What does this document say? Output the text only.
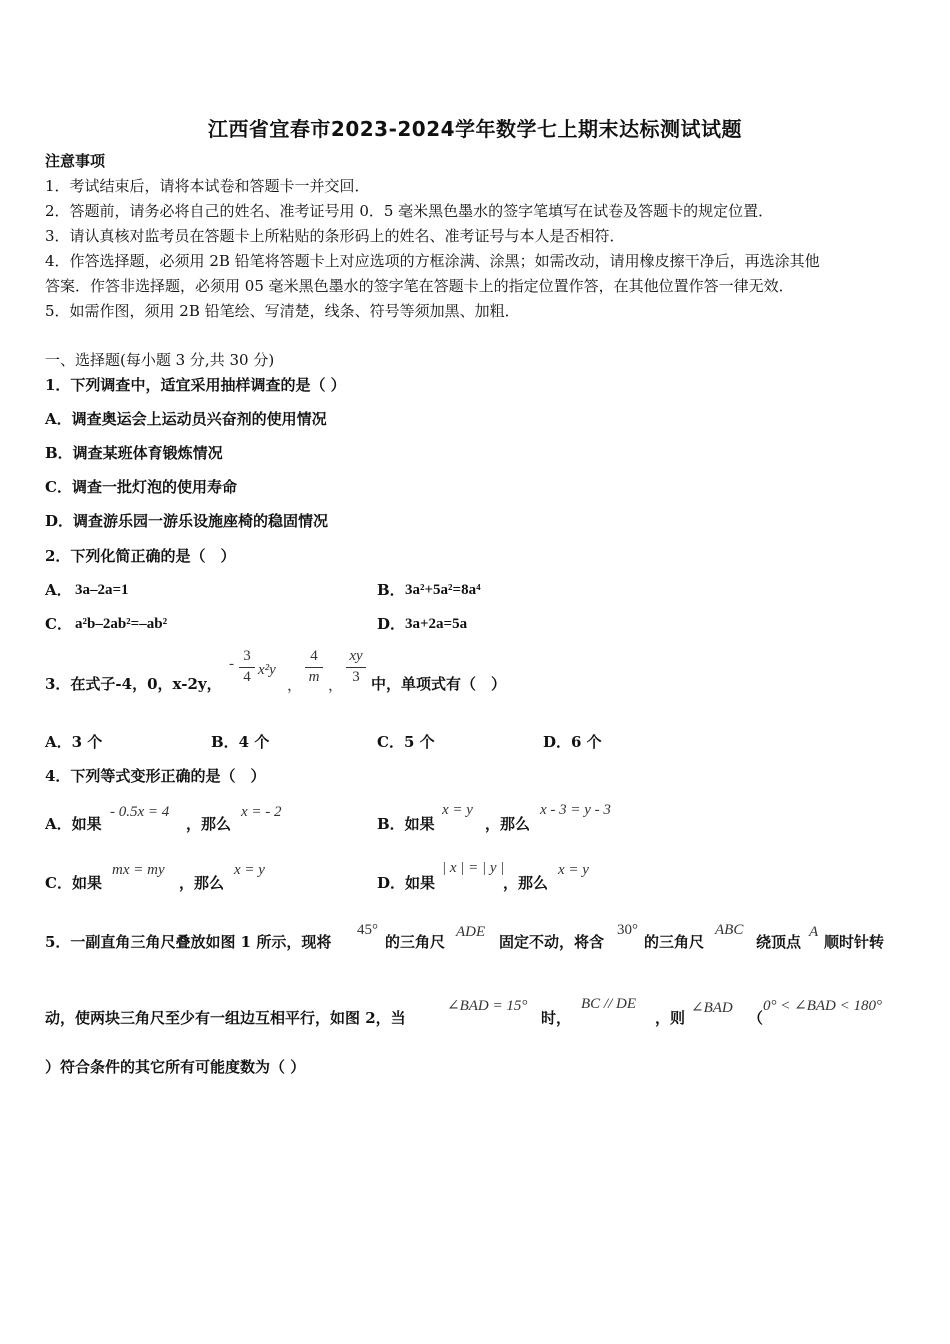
江西省宜春市2023-2024学年数学七上期末达标测试试题
注意事项
1．考试结束后，请将本试卷和答题卡一并交回．
2．答题前，请务必将自己的姓名、准考证号用 0．5 毫米黑色墨水的签字笔填写在试卷及答题卡的规定位置．
3．请认真核对监考员在答题卡上所粘贴的条形码上的姓名、准考证号与本人是否相符．
4．作答选择题，必须用 2B 铅笔将答题卡上对应选项的方框涂满、涂黑；如需改动，请用橡皮擦干净后，再选涂其他
答案．作答非选择题，必须用 05 毫米黑色墨水的签字笔在答题卡上的指定位置作答，在其他位置作答一律无效．
5．如需作图，须用 2B 铅笔绘、写清楚，线条、符号等须加黑、加粗．
一、选择题(每小题 3 分,共 30 分)
1．下列调查中，适宜采用抽样调查的是（ ）
A．调查奥运会上运动员兴奋剂的使用情况
B．调查某班体育锻炼情况
C．调查一批灯泡的使用寿命
D．调查游乐园一游乐设施座椅的稳固情况
2．下列化简正确的是（　）
A． 3a–2a=1	B． 3a²+5a²=8a⁴
C． a²b–2ab²=–ab²	D． 3a+2a=5a
3．在式子-4，0，x-2y，
- 3
4 x²y
，
4
m
，
xy
3 中，单项式有（　）
A．3 个	B．4 个	C．5 个	D．6 个
4．下列等式变形正确的是（　）
A．如果
- 0.5x = 4
，那么
x = - 2
B．如果
x = y
，那么
x - 3 = y - 3
C．如果
mx = my
，那么
x = y
D．如果
| x | = | y |
，那么
x = y
5．一副直角三角尺叠放如图 1 所示，现将
45°
的三角尺
ADE
固定不动，将含
30°
的三角尺
ABC
绕顶点
A
顺时针转
动，使两块三角尺至少有一组边互相平行，如图 2，当
∠BAD = 15°
时，
BC // DE
，则
∠BAD
（
0° < ∠BAD < 180°
）符合条件的其它所有可能度数为（ ）
